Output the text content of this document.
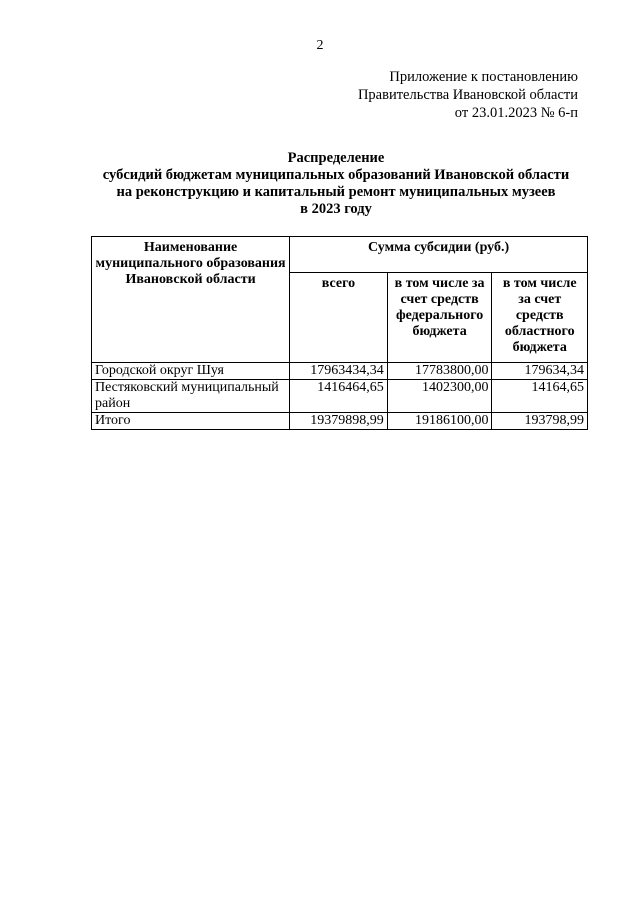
2
Приложение к постановлению
Правительства Ивановской области
от 23.01.2023 № 6-п
Распределение
субсидий бюджетам муниципальных образований Ивановской области
на реконструкцию и капитальный ремонт муниципальных музеев
в 2023 году
Наименование муниципального образования Ивановской области	Сумма субсидии (руб.)		
	всего	в том числе за счет средств федерального бюджета	в том числе за счет средств областного бюджета
Городской округ Шуя	17963434,34	17783800,00	179634,34
Пестяковский муниципальный район	1416464,65	1402300,00	14164,65
Итого	19379898,99	19186100,00	193798,99
